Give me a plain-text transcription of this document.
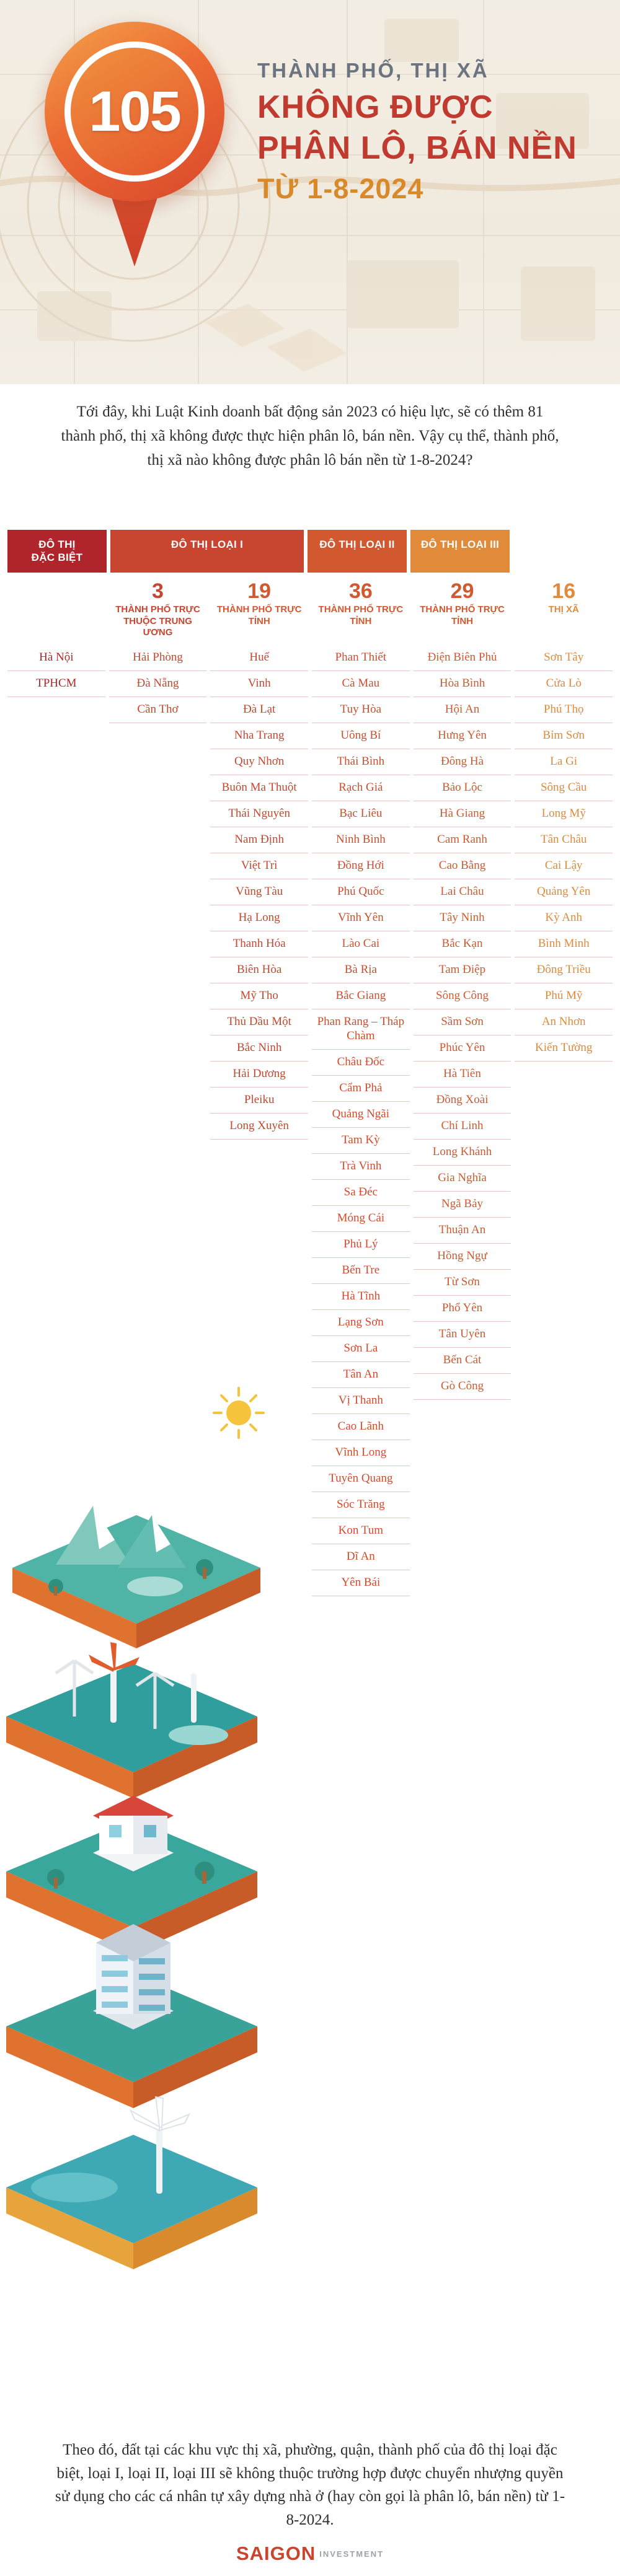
105
THÀNH PHỐ, THỊ XÃ
KHÔNG ĐƯỢC
PHÂN LÔ, BÁN NỀN
TỪ 1-8-2024
Tới đây, khi Luật Kinh doanh bất động sản 2023 có hiệu lực, sẽ có thêm 81 thành phố, thị xã không được thực hiện phân lô, bán nền. Vậy cụ thể, thành phố, thị xã nào không được phân lô bán nền từ 1-8-2024?
ĐÔ THỊ
ĐẶC BIỆT
ĐÔ THỊ LOẠI I	ĐÔ THỊ LOẠI II	ĐÔ THỊ LOẠI III
3
THÀNH PHỐ TRỰC THUỘC TRUNG ƯƠNG
19
THÀNH PHỐ TRỰC TỈNH
36
THÀNH PHỐ TRỰC TỈNH
29
THÀNH PHỐ TRỰC TỈNH
16
THỊ XÃ
Hà Nội
TPHCM
Hải Phòng
Đà Nẵng
Cần Thơ
Huế
Vinh
Đà Lạt
Nha Trang
Quy Nhơn
Buôn Ma Thuột
Thái Nguyên
Nam Định
Việt Trì
Vũng Tàu
Hạ Long
Thanh Hóa
Biên Hòa
Mỹ Tho
Thủ Dầu Một
Bắc Ninh
Hải Dương
Pleiku
Long Xuyên
Phan Thiết
Cà Mau
Tuy Hòa
Uông Bí
Thái Bình
Rạch Giá
Bạc Liêu
Ninh Bình
Đồng Hới
Phú Quốc
Vĩnh Yên
Lào Cai
Bà Rịa
Bắc Giang
Phan Rang – Tháp Chàm
Châu Đốc
Cẩm Phả
Quảng Ngãi
Tam Kỳ
Trà Vinh
Sa Đéc
Móng Cái
Phủ Lý
Bến Tre
Hà Tĩnh
Lạng Sơn
Sơn La
Tân An
Vị Thanh
Cao Lãnh
Vĩnh Long
Tuyên Quang
Sóc Trăng
Kon Tum
Dĩ An
Yên Bái
Điện Biên Phủ
Hòa Bình
Hội An
Hưng Yên
Đông Hà
Bảo Lộc
Hà Giang
Cam Ranh
Cao Bằng
Lai Châu
Tây Ninh
Bắc Kạn
Tam Điệp
Sông Công
Sầm Sơn
Phúc Yên
Hà Tiên
Đồng Xoài
Chí Linh
Long Khánh
Gia Nghĩa
Ngã Bảy
Thuận An
Hồng Ngự
Từ Sơn
Phổ Yên
Tân Uyên
Bến Cát
Gò Công
Sơn Tây
Cửa Lò
Phú Thọ
Bỉm Sơn
La Gi
Sông Cầu
Long Mỹ
Tân Châu
Cai Lậy
Quảng Yên
Kỳ Anh
Bình Minh
Đông Triều
Phú Mỹ
An Nhơn
Kiến Tường

Theo đó, đất tại các khu vực thị xã, phường, quận, thành phố của đô thị loại đặc biệt, loại I, loại II, loại III sẽ không thuộc trường hợp được chuyển nhượng quyền sử dụng cho các cá nhân tự xây dựng nhà ở (hay còn gọi là phân lô, bán nền) từ 1-8-2024.

SAIGON INVESTMENT
